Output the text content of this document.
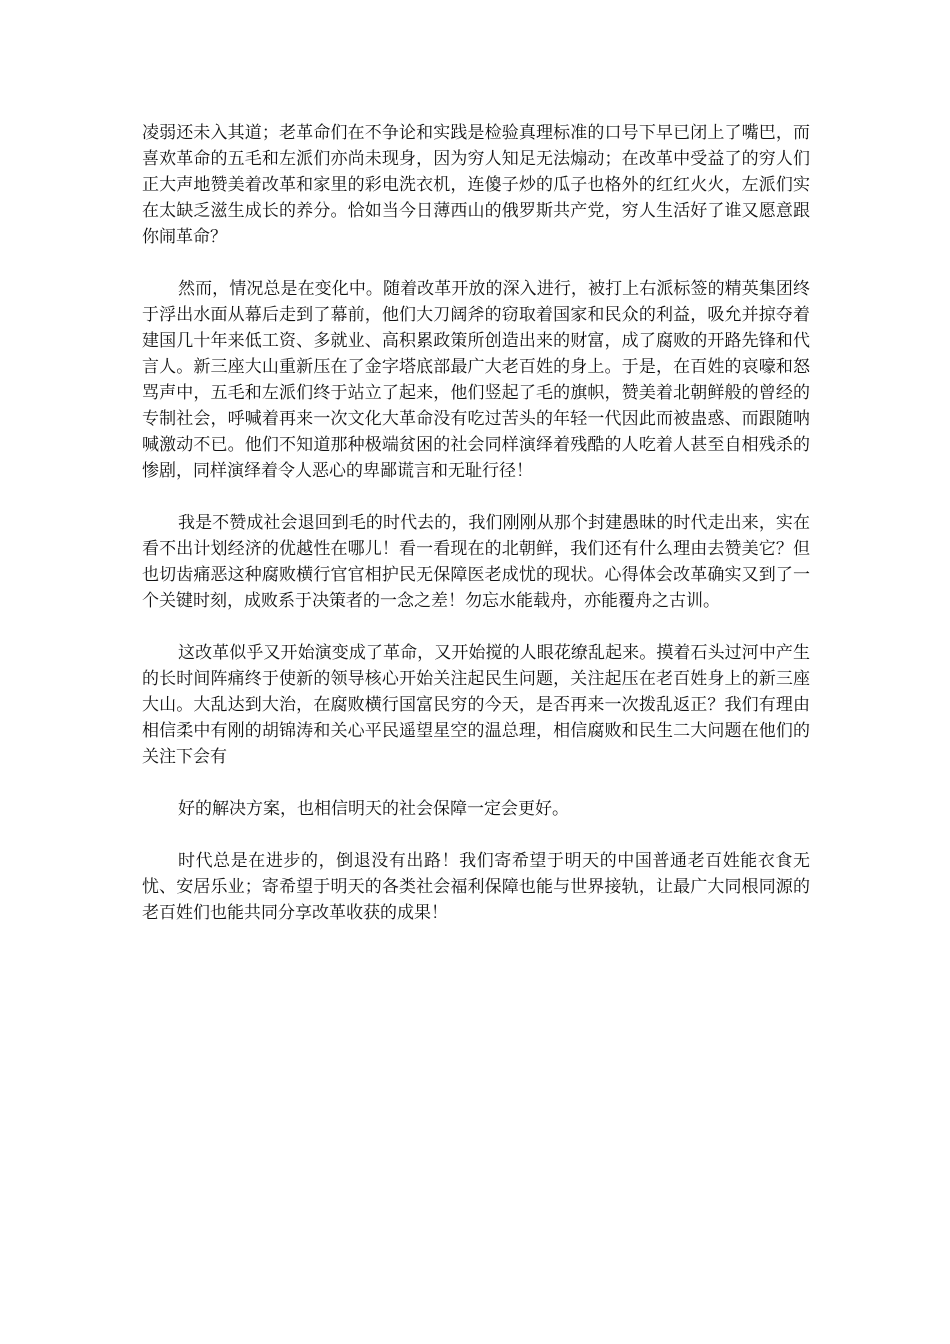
凌弱还未入其道；老革命们在不争论和实践是检验真理标准的口号下早已闭上了嘴巴，而喜欢革命的五毛和左派们亦尚未现身，因为穷人知足无法煽动；在改革中受益了的穷人们正大声地赞美着改革和家里的彩电洗衣机，连傻子炒的瓜子也格外的红红火火，左派们实在太缺乏滋生成长的养分。恰如当今日薄西山的俄罗斯共产党，穷人生活好了谁又愿意跟你闹革命？

然而，情况总是在变化中。随着改革开放的深入进行，被打上右派标签的精英集团终于浮出水面从幕后走到了幕前，他们大刀阔斧的窃取着国家和民众的利益，吸允并掠夺着建国几十年来低工资、多就业、高积累政策所创造出来的财富，成了腐败的开路先锋和代言人。新三座大山重新压在了金字塔底部最广大老百姓的身上。于是，在百姓的哀嚎和怒骂声中，五毛和左派们终于站立了起来，他们竖起了毛的旗帜，赞美着北朝鲜般的曾经的专制社会，呼喊着再来一次文化大革命没有吃过苦头的年轻一代因此而被蛊惑、而跟随呐喊激动不已。他们不知道那种极端贫困的社会同样演绎着残酷的人吃着人甚至自相残杀的惨剧，同样演绎着令人恶心的卑鄙谎言和无耻行径！

我是不赞成社会退回到毛的时代去的，我们刚刚从那个封建愚昧的时代走出来，实在看不出计划经济的优越性在哪儿！看一看现在的北朝鲜，我们还有什么理由去赞美它？但也切齿痛恶这种腐败横行官官相护民无保障医老成忧的现状。心得体会改革确实又到了一个关键时刻，成败系于决策者的一念之差！勿忘水能载舟，亦能覆舟之古训。

这改革似乎又开始演变成了革命，又开始搅的人眼花缭乱起来。摸着石头过河中产生的长时间阵痛终于使新的领导核心开始关注起民生问题，关注起压在老百姓身上的新三座大山。大乱达到大治，在腐败横行国富民穷的今天，是否再来一次拨乱返正？我们有理由相信柔中有刚的胡锦涛和关心平民遥望星空的温总理，相信腐败和民生二大问题在他们的关注下会有

好的解决方案，也相信明天的社会保障一定会更好。

时代总是在进步的，倒退没有出路！我们寄希望于明天的中国普通老百姓能衣食无忧、安居乐业；寄希望于明天的各类社会福利保障也能与世界接轨，让最广大同根同源的老百姓们也能共同分享改革收获的成果！
